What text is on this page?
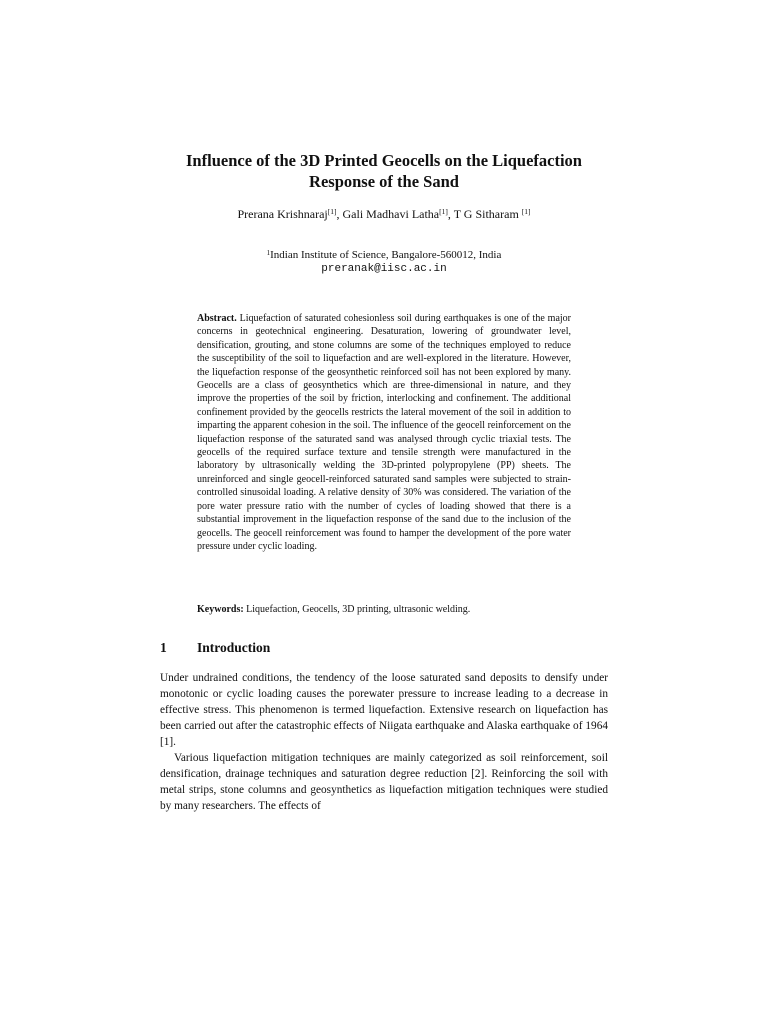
Influence of the 3D Printed Geocells on the Liquefaction
Response of the Sand
Prerana Krishnaraj[1], Gali Madhavi Latha[1], T G Sitharam [1]
$^1$Indian Institute of Science, Bangalore-560012, India
preranak@iisc.ac.in
Abstract. Liquefaction of saturated cohesionless soil during earthquakes is one of the major concerns in geotechnical engineering. Desaturation, lowering of groundwater level, densification, grouting, and stone columns are some of the techniques employed to reduce the susceptibility of the soil to liquefaction and are well-explored in the literature. However, the liquefaction response of the geosynthetic reinforced soil has not been explored by many. Geocells are a class of geosynthetics which are three-dimensional in nature, and they improve the properties of the soil by friction, interlocking and confinement. The additional confinement provided by the geocells restricts the lateral movement of the soil in addition to imparting the apparent cohesion in the soil. The influence of the geocell reinforcement on the liquefaction response of the saturated sand was analysed through cyclic triaxial tests. The geocells of the required surface texture and tensile strength were manufactured in the laboratory by ultrasonically welding the 3D-printed polypropylene (PP) sheets. The unreinforced and single geocell-reinforced saturated sand samples were subjected to strain-controlled sinusoidal loading. A relative density of 30% was considered. The variation of the pore water pressure ratio with the number of cycles of loading showed that there is a substantial improvement in the liquefaction response of the sand due to the inclusion of the geocells. The geocell reinforcement was found to hamper the development of the pore water pressure under cyclic loading.
Keywords: Liquefaction, Geocells, 3D printing, ultrasonic welding.
1 Introduction

Under undrained conditions, the tendency of the loose saturated sand deposits to densify under monotonic or cyclic loading causes the porewater pressure to increase leading to a decrease in effective stress. This phenomenon is termed liquefaction. Extensive research on liquefaction has been carried out after the catastrophic effects of Niigata earthquake and Alaska earthquake of 1964 [1].

Various liquefaction mitigation techniques are mainly categorized as soil reinforcement, soil densification, drainage techniques and saturation degree reduction [2]. Reinforcing the soil with metal strips, stone columns and geosynthetics as liquefaction mitigation techniques were studied by many researchers. The effects of
